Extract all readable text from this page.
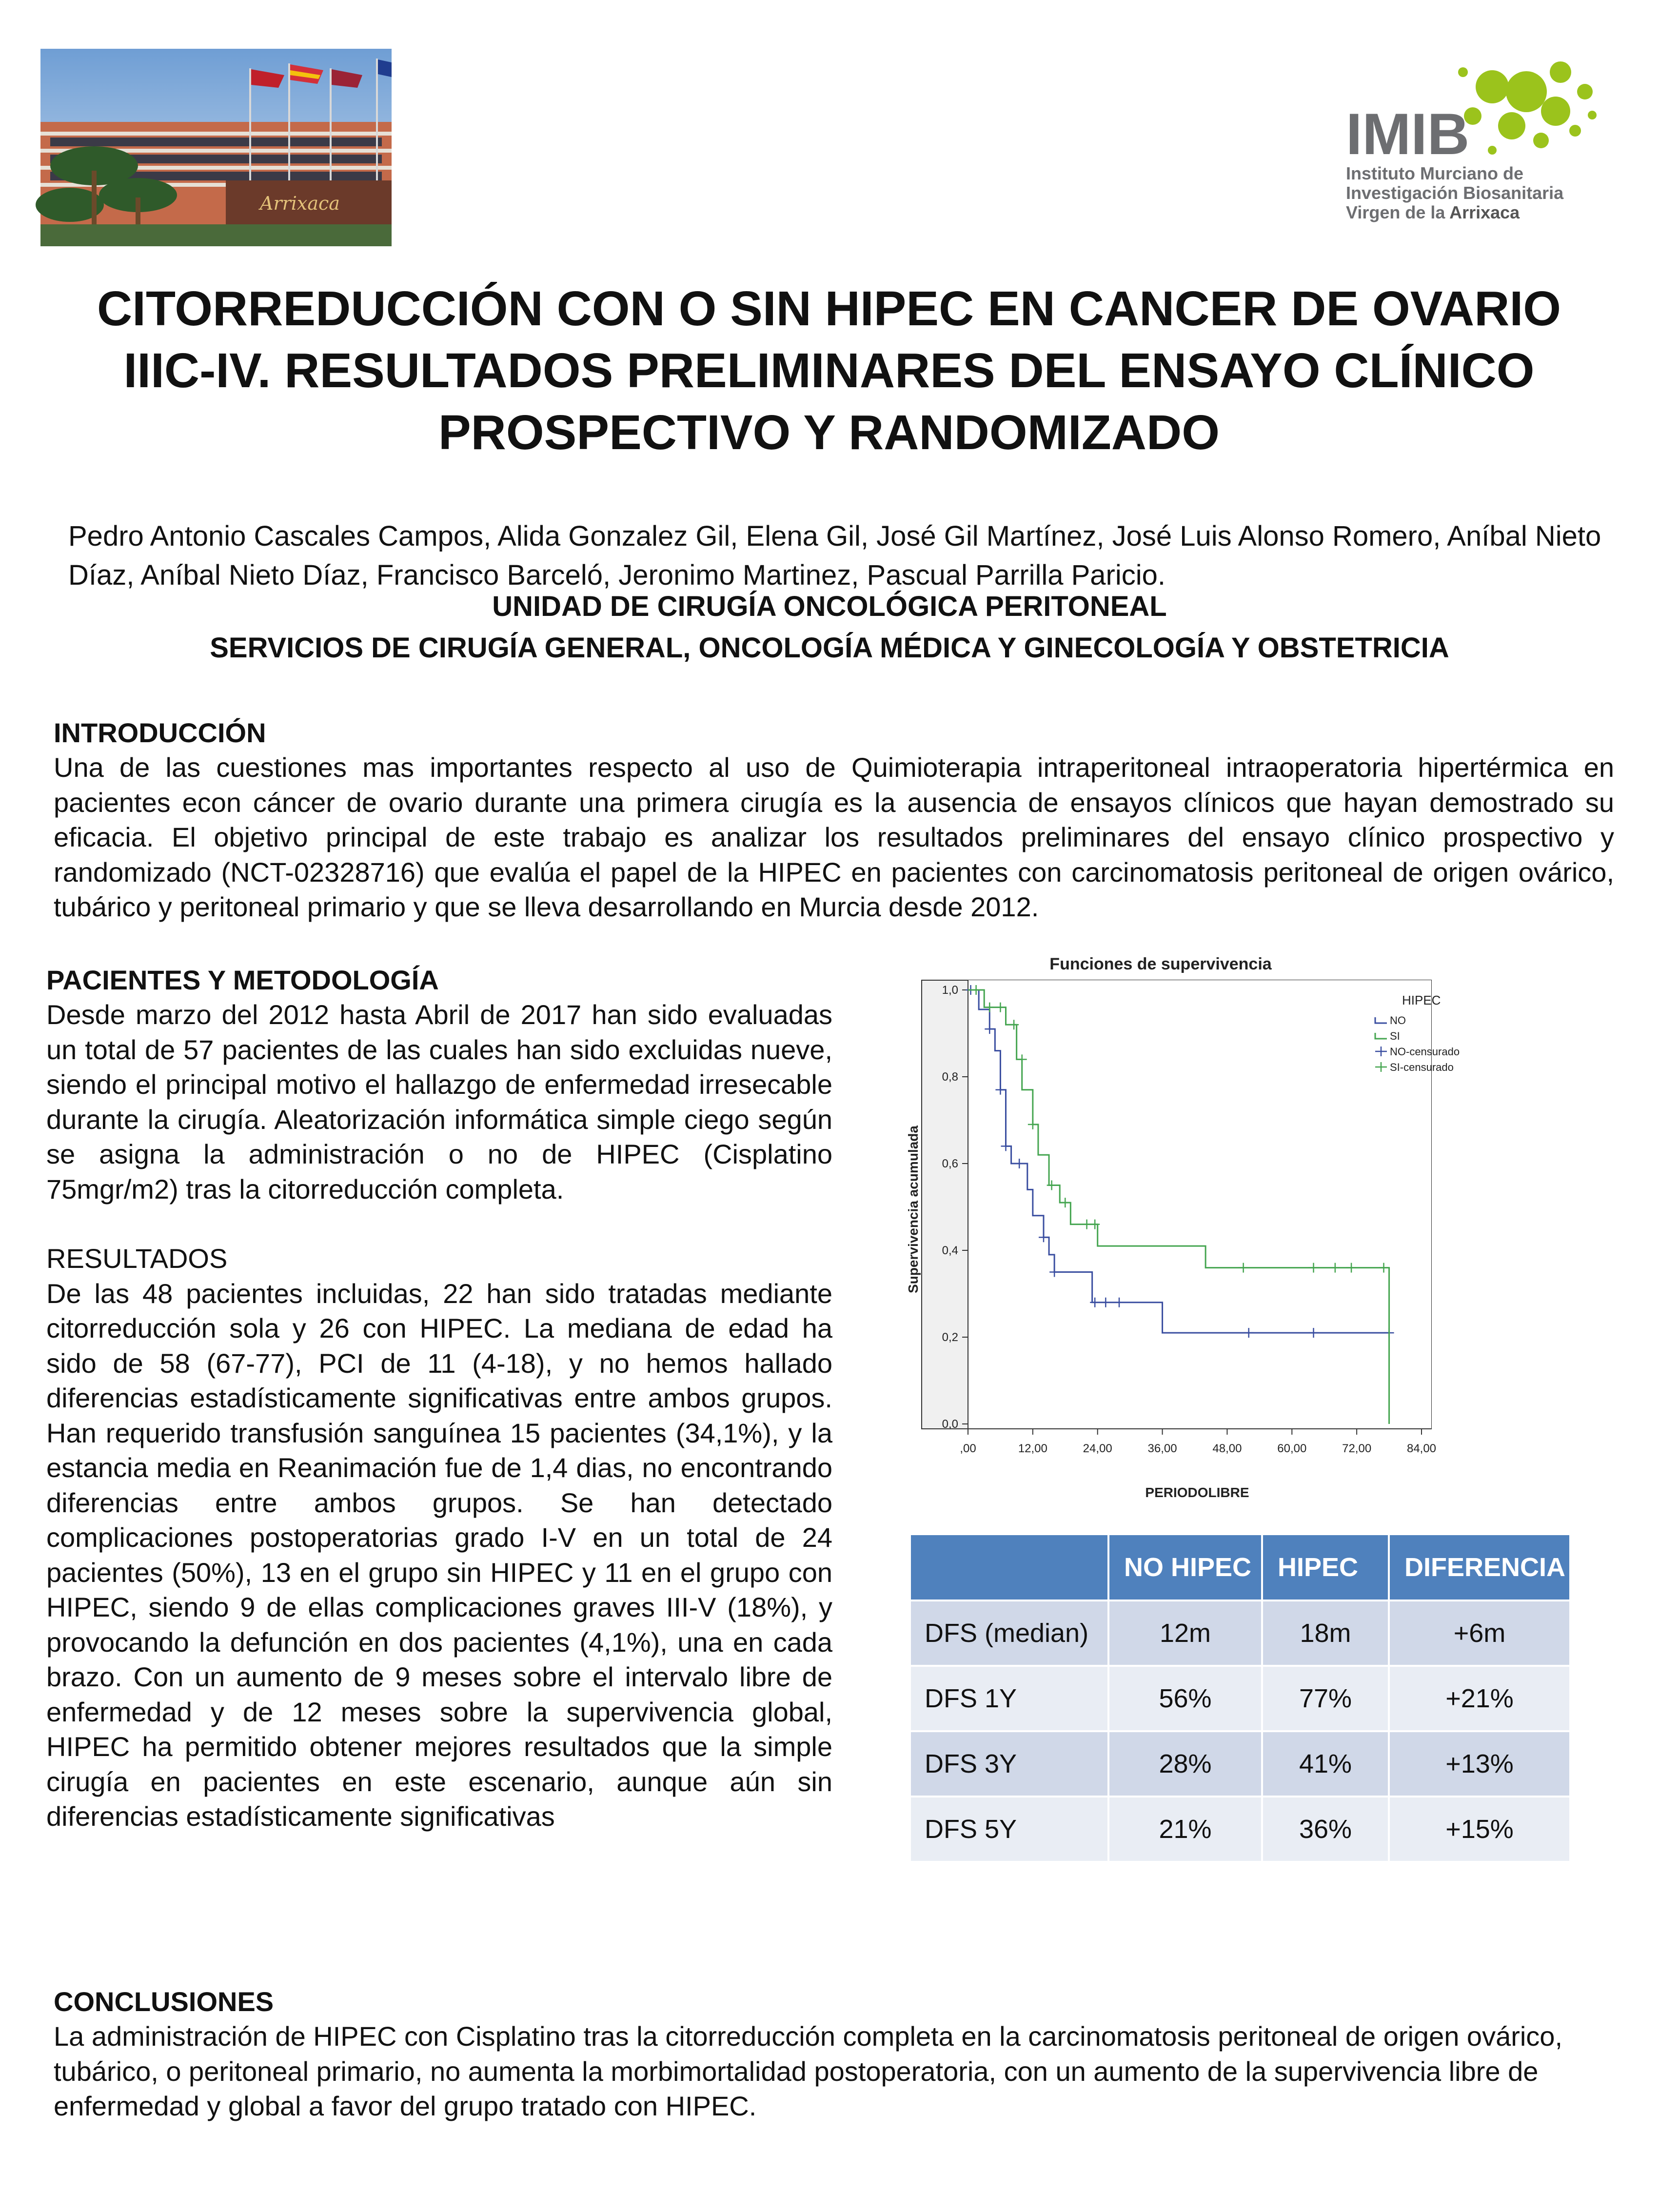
Arrixaca
IMIB
Instituto Murciano de
Investigación Biosanitaria
Virgen de la Arrixaca
CITORREDUCCIÓN CON O SIN HIPEC EN CANCER DE OVARIO IIIC-IV. RESULTADOS PRELIMINARES DEL ENSAYO CLÍNICO PROSPECTIVO Y RANDOMIZADO
Pedro Antonio Cascales Campos, Alida Gonzalez Gil, Elena Gil, José Gil Martínez, José Luis Alonso Romero, Aníbal Nieto Díaz, Aníbal Nieto Díaz, Francisco Barceló, Jeronimo Martinez, Pascual Parrilla Paricio.
UNIDAD DE CIRUGÍA ONCOLÓGICA PERITONEAL
SERVICIOS DE CIRUGÍA GENERAL, ONCOLOGÍA MÉDICA Y GINECOLOGÍA Y OBSTETRICIA
INTRODUCCIÓN
Una de las cuestiones mas importantes respecto al uso de Quimioterapia intraperitoneal intraoperatoria hipertérmica en pacientes econ cáncer de ovario durante una primera cirugía es la ausencia de ensayos clínicos que hayan demostrado su eficacia. El objetivo principal de este trabajo es analizar los resultados preliminares del ensayo clínico prospectivo y randomizado (NCT-02328716) que evalúa el papel de la HIPEC en pacientes con carcinomatosis peritoneal de origen ovárico, tubárico y peritoneal primario y que se lleva desarrollando en Murcia desde 2012.
PACIENTES Y METODOLOGÍA
Desde marzo del 2012 hasta Abril de 2017 han sido evaluadas un total de 57 pacientes de las cuales han sido excluidas nueve, siendo el principal motivo el hallazgo de enfermedad irresecable durante la cirugía. Aleatorización informática simple ciego según se asigna la administración o no de HIPEC (Cisplatino 75mgr/m2) tras la citorreducción completa.
RESULTADOS
De las 48 pacientes incluidas, 22 han sido tratadas mediante citorreducción sola y 26 con HIPEC. La mediana de edad ha sido de 58 (67-77), PCI de 11 (4-18), y no hemos hallado diferencias estadísticamente significativas entre ambos grupos. Han requerido transfusión sanguínea 15 pacientes (34,1%), y la estancia media en Reanimación fue de 1,4 dias, no encontrando diferencias entre ambos grupos. Se han detectado complicaciones postoperatorias grado I-V en un total de 24 pacientes (50%), 13 en el grupo sin HIPEC y 11 en el grupo con HIPEC, siendo 9 de ellas complicaciones graves III-V (18%), y provocando la defunción en dos pacientes (4,1%), una en cada brazo. Con un aumento de 9 meses sobre el intervalo libre de enfermedad y de 12 meses sobre la supervivencia global, HIPEC ha permitido obtener mejores resultados que la simple cirugía en pacientes en este escenario, aunque aún sin diferencias estadísticamente significativas
Funciones de supervivencia
Supervivencia acumulada
PERIODOLIBRE
,00	12,00	24,00	36,00	48,00	60,00	72,00	84,00
0,0
0,2
0,4
0,6
0,8
1,0
HIPEC
NO
SI
NO-censurado
SI-censurado
	NO HIPEC	HIPEC	DIFERENCIA
DFS (median)	12m	18m	+6m
DFS 1Y	56%	77%	+21%
DFS 3Y	28%	41%	+13%
DFS 5Y	21%	36%	+15%
CONCLUSIONES
La administración de HIPEC con Cisplatino tras la citorreducción completa en la carcinomatosis peritoneal de origen ovárico, tubárico, o peritoneal primario, no aumenta la morbimortalidad postoperatoria, con un aumento de la supervivencia libre de enfermedad y global a favor del grupo tratado con HIPEC.
